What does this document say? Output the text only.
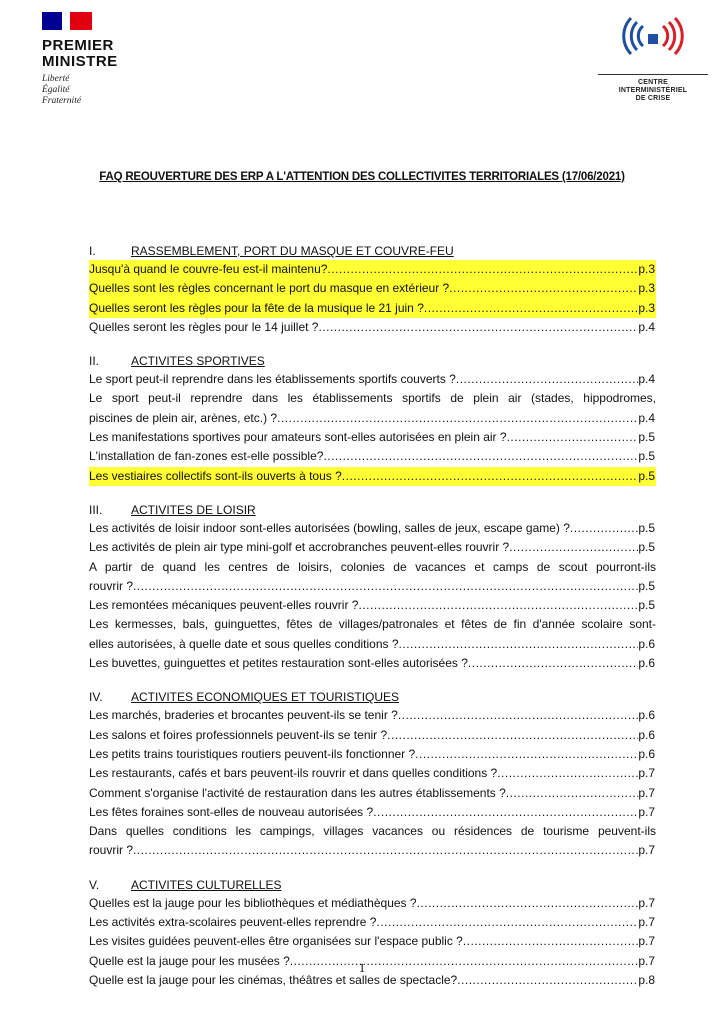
PREMIER
MINISTRE
Liberté
Égalité
Fraternité
CENTRE
INTERMINISTÉRIEL
DE CRISE
FAQ REOUVERTURE DES ERP A L'ATTENTION DES COLLECTIVITES TERRITORIALES (17/06/2021)
I.	RASSEMBLEMENT, PORT DU MASQUE ET COUVRE-FEU
Jusqu'à quand le couvre-feu est-il maintenu? .....	p.3
Quelles sont les règles concernant le port du masque en extérieur ? .....	p.3
Quelles seront les règles pour la fête de la musique le 21 juin ? .....	p.3
Quelles seront les règles pour le 14 juillet ? .....	p.4
II.	ACTIVITES SPORTIVES
Le sport peut-il reprendre dans les établissements sportifs couverts ? .....	p.4
Le sport peut-il reprendre dans les établissements sportifs de plein air (stades, hippodromes,
piscines de plein air, arènes, etc.) ? .....	p.4
Les manifestations sportives pour amateurs sont-elles autorisées en plein air ? .....	p.5
L'installation de fan-zones est-elle possible? .....	p.5
Les vestiaires collectifs sont-ils ouverts à tous ? .....	p.5
III.	ACTIVITES DE LOISIR
Les activités de loisir indoor sont-elles autorisées (bowling, salles de jeux, escape game) ? .....	p.5
Les activités de plein air type mini-golf et accrobranches peuvent-elles rouvrir ? .....	p.5
A partir de quand les centres de loisirs, colonies de vacances et camps de scout pourront-ils
rouvrir ? .....	p.5
Les remontées mécaniques peuvent-elles rouvrir ? .....	p.5
Les kermesses, bals, guinguettes, fêtes de villages/patronales et fêtes de fin d'année scolaire sont-
elles autorisées, à quelle date et sous quelles conditions ? .....	p.6
Les buvettes, guinguettes et petites restauration sont-elles autorisées ? .....	p.6
IV.	ACTIVITES ECONOMIQUES ET TOURISTIQUES
Les marchés, braderies et brocantes peuvent-ils se tenir ? .....	p.6
Les salons et foires professionnels peuvent-ils se tenir ? .....	p.6
Les petits trains touristiques routiers peuvent-ils fonctionner ? .....	p.6
Les restaurants, cafés et bars peuvent-ils rouvrir et dans quelles conditions ? .....	p.7
Comment s'organise l'activité de restauration dans les autres établissements ? .....	p.7
Les fêtes foraines sont-elles de nouveau autorisées ? .....	p.7
Dans quelles conditions les campings, villages vacances ou résidences de tourisme peuvent-ils
rouvrir ? .....	p.7
V.	ACTIVITES CULTURELLES
Quelles est la jauge pour les bibliothèques et médiathèques ? .....	p.7
Les activités extra-scolaires peuvent-elles reprendre ? .....	p.7
Les visites guidées peuvent-elles être organisées sur l'espace public ? .....	p.7
Quelle est la jauge pour les musées ? .....	p.7
Quelle est la jauge pour les cinémas, théâtres et salles de spectacle? .....	p.8
1
